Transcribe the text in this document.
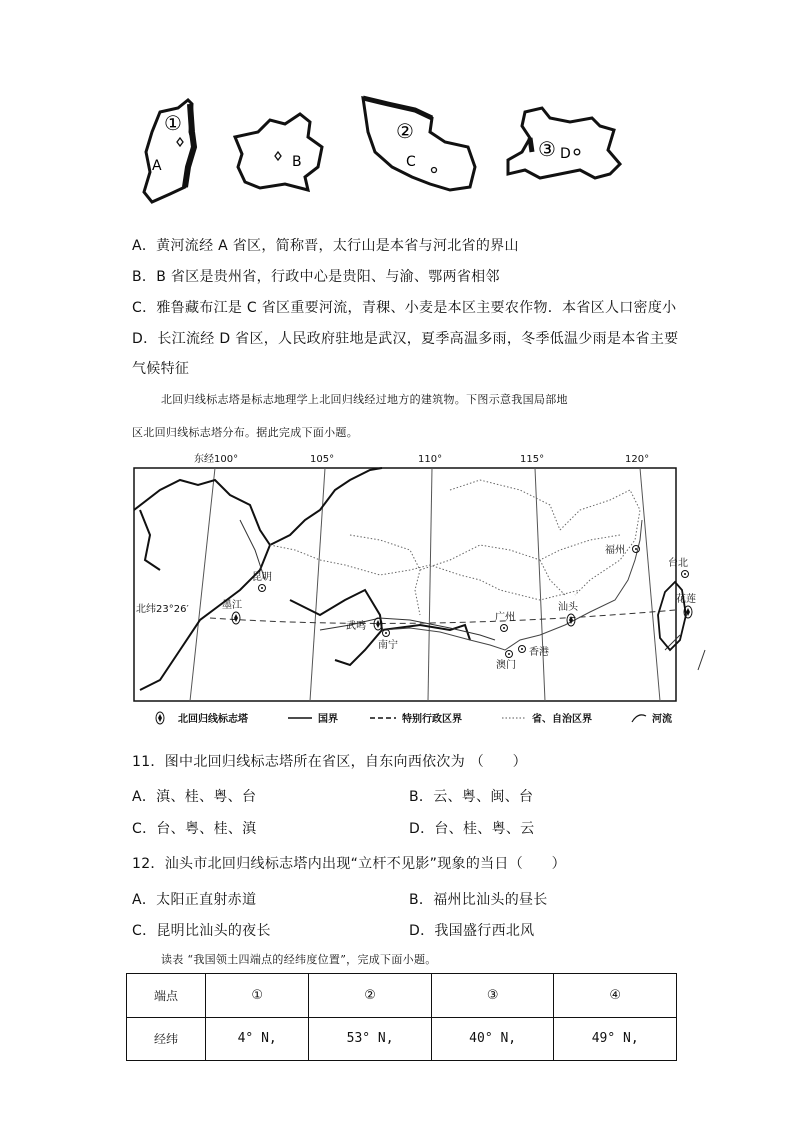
①
A	B
②
C
③ D
A．黄河流经 A 省区，简称晋，太行山是本省与河北省的界山
B．B 省区是贵州省，行政中心是贵阳、与渝、鄂两省相邻
C．雅鲁藏布江是 C 省区重要河流，青稞、小麦是本区主要农作物．本省区人口密度小
D．长江流经 D 省区，人民政府驻地是武汉，夏季高温多雨，冬季低温少雨是本省主要
气候特征
北回归线标志塔是标志地理学上北回归线经过地方的建筑物。下图示意我国局部地
区北回归线标志塔分布。据此完成下面小题。
东经100°	105°	110°	115°	120°
北纬23°26′
昆明
墨江
武鸣
南宁
广州
汕头
香港
澳门
福州
台北
花莲
北回归线标志塔	国界	特别行政区界	省、自治区界	河流
11．图中北回归线标志塔所在省区，自东向西依次为 （　　）
A．滇、桂、粤、台	B．云、粤、闽、台
C．台、粤、桂、滇	D．台、桂、粤、云
12．汕头市北回归线标志塔内出现“立杆不见影”现象的当日（　　）
A．太阳正直射赤道	B．福州比汕头的昼长
C．昆明比汕头的夜长	D．我国盛行西北风
读表 “我国领土四端点的经纬度位置”，完成下面小题。
端点	①	②	③	④
经纬	4° N,	53° N,	40° N,	49° N,
